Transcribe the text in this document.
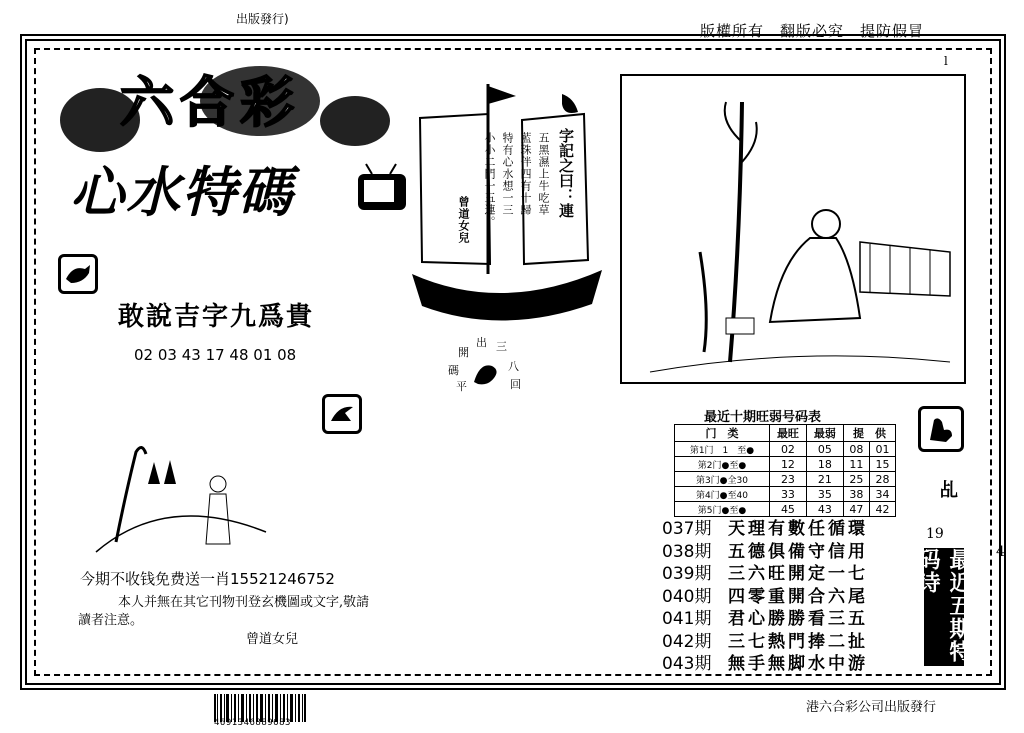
出版發行)
版權所有　翻版必究　提防假冒
l
六合彩
心水特碼
敢說吉字九爲貴
02 03 43 17 48 01 08
今期不收钱免费送一肖15521246752
本人并無在其它刊物刊登玄機圖或文字,敬請讀者注意。
曾道女兒
字記之曰：連
五黑濕上牛吃草
藍珠伴四有十歸
特有心水想一三
小小二門一五連。
曾道女兒
出
開 三
八
碼
平	回
最近十期旺弱号码表
门　类	最旺	最弱	提　供	
第1门　1　至●	02	05	08	01
第2门●至●	12	18	11	15
第3门●全30	23	21	25	28
第4门●至40	33	35	38	34
第5门●至●	45	43	47	42
乩
19
4
037期 天理有數任循環
038期 五德俱備守信用
039期 三六旺開定一七
040期 四零重開合六尾
041期 君心勝勝看三五
042期 三七熱門捧二扯
043期 無手無脚水中游
最近五期特码诗
4691346889683
港六合彩公司出版發行
